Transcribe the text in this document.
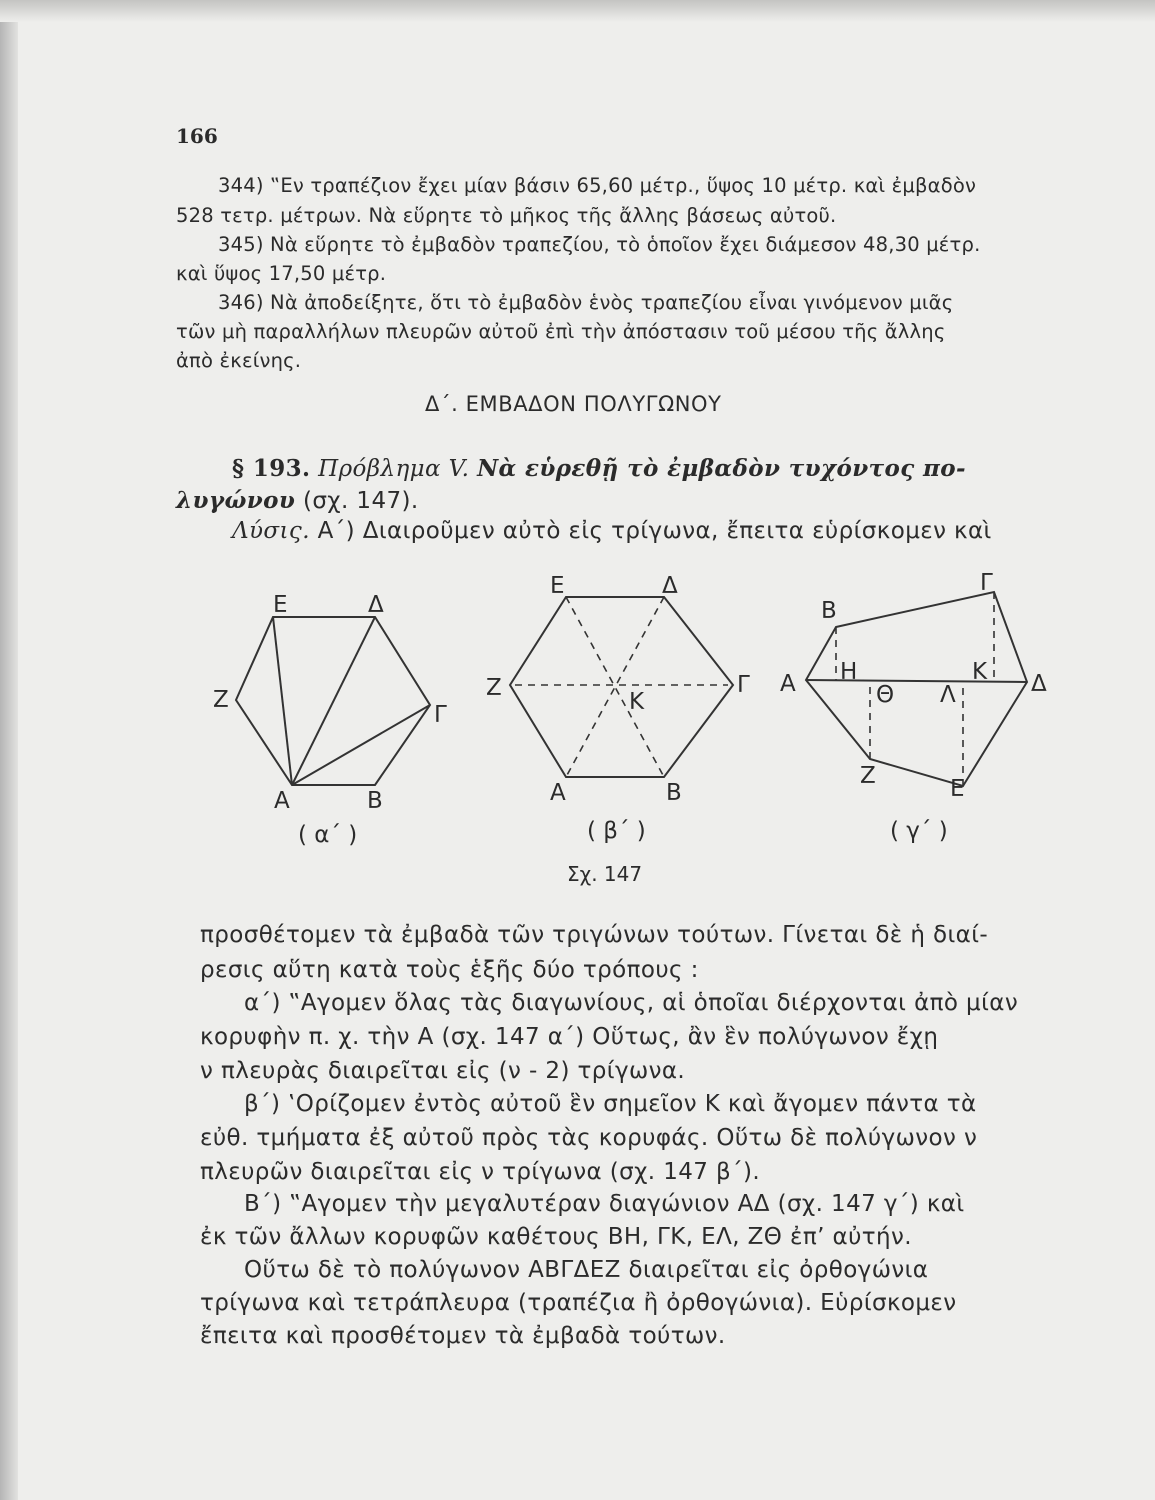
166
344) ‟Εν τραπέζιον ἔχει μίαν βάσιν 65,60 μέτρ., ὕψος 10 μέτρ. καὶ ἐμβαδὸν
528 τετρ. μέτρων. Νὰ εὕρητε τὸ μῆκος τῆς ἄλλης βάσεως αὐτοῦ.
345) Νὰ εὕρητε τὸ ἐμβαδὸν τραπεζίου, τὸ ὁποῖον ἔχει διάμεσον 48,30 μέτρ.
καὶ ὕψος 17,50 μέτρ.
346) Νὰ ἀποδείξητε, ὅτι τὸ ἐμβαδὸν ἑνὸς τραπεζίου εἶναι γινόμενον μιᾶς
τῶν μὴ παραλλήλων πλευρῶν αὐτοῦ ἐπὶ τὴν ἀπόστασιν τοῦ μέσου τῆς ἄλλης
ἀπὸ ἐκείνης.
Δ΄. ΕΜΒΑΔΟΝ ΠΟΛΥΓΩΝΟΥ
§ 193. Πρόβλημα V. Νὰ εὑρεθῇ τὸ ἐμβαδὸν τυχόντος πο-
λυγώνου (σχ. 147).
Λύσις. Α΄) Διαιροῦμεν αὐτὸ εἰς τρίγωνα, ἔπειτα εὑρίσκομεν καὶ
Ε	Δ
Ζ
Γ
Α	Β
( α΄ )
Ε	Δ
Ζ	Γ
Κ
Α	Β
( β΄ )
Γ
Β
Α Η	Κ Δ
Θ Λ
Ζ	Ε
( γ΄ )
Σχ. 147
προσθέτομεν τὰ ἐμβαδὰ τῶν τριγώνων τούτων. Γίνεται δὲ ἡ διαί-
ρεσις αὕτη κατὰ τοὺς ἑξῆς δύο τρόπους :
α΄) ‟Αγομεν ὅλας τὰς διαγωνίους, αἱ ὁποῖαι διέρχονται ἀπὸ μίαν
κορυφὴν π. χ. τὴν Α (σχ. 147 α΄) Οὕτως, ἂν ἓν πολύγωνον ἔχῃ
ν πλευρὰς διαιρεῖται εἰς (ν - 2) τρίγωνα.
β΄) ‛Ορίζομεν ἐντὸς αὐτοῦ ἓν σημεῖον Κ καὶ ἄγομεν πάντα τὰ
εὐθ. τμήματα ἐξ αὐτοῦ πρὸς τὰς κορυφάς. Οὕτω δὲ πολύγωνον ν
πλευρῶν διαιρεῖται εἰς ν τρίγωνα (σχ. 147 β΄).
Β΄) ‟Αγομεν τὴν μεγαλυτέραν διαγώνιον ΑΔ (σχ. 147 γ΄) καὶ
ἐκ τῶν ἄλλων κορυφῶν καθέτους ΒΗ, ΓΚ, ΕΛ, ΖΘ ἐπ’ αὐτήν.
Οὕτω δὲ τὸ πολύγωνον ΑΒΓΔΕΖ διαιρεῖται εἰς ὀρθογώνια
τρίγωνα καὶ τετράπλευρα (τραπέζια ἢ ὀρθογώνια). Εὑρίσκομεν
ἔπειτα καὶ προσθέτομεν τὰ ἐμβαδὰ τούτων.
